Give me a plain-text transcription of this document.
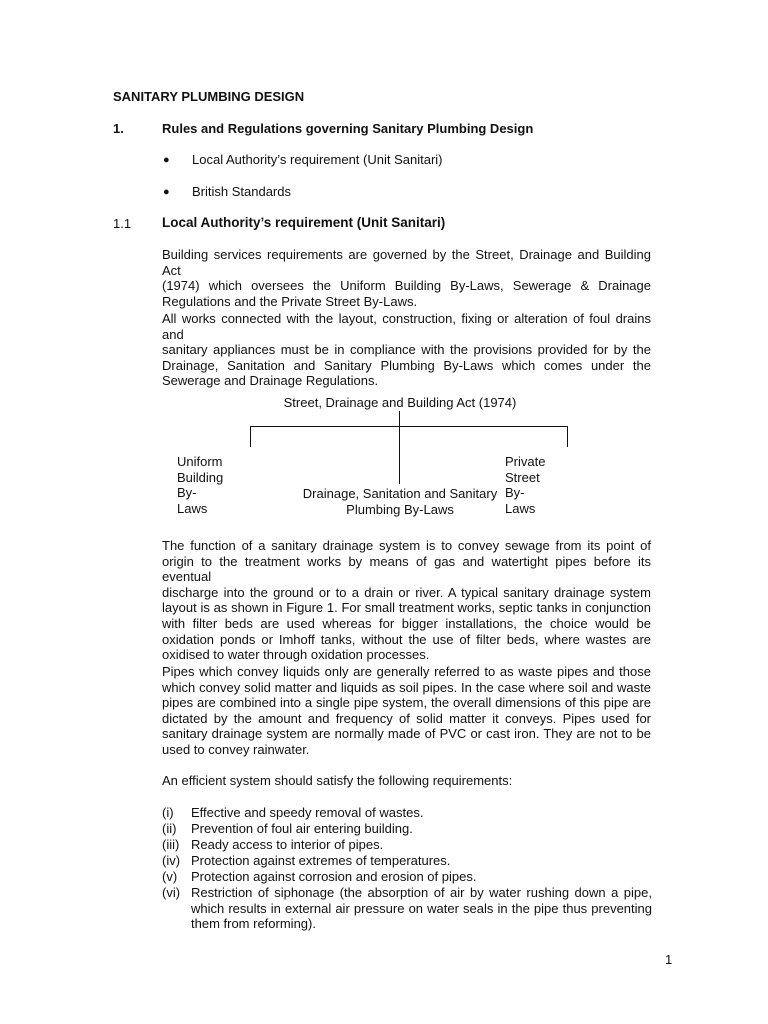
SANITARY PLUMBING DESIGN
1.	Rules and Regulations governing Sanitary Plumbing Design
● Local Authority’s requirement (Unit Sanitari)
● British Standards
1.1 Local Authority’s requirement (Unit Sanitari)
Building services requirements are governed by the Street, Drainage and Building Act
(1974) which oversees the Uniform Building By-Laws, Sewerage & Drainage
Regulations and the Private Street By-Laws.
All works connected with the layout, construction, fixing or alteration of foul drains and
sanitary appliances must be in compliance with the provisions provided for by the
Drainage, Sanitation and Sanitary Plumbing By-Laws which comes under the
Sewerage and Drainage Regulations.
Street, Drainage and Building Act (1974)
Uniform Building By-Laws
Private Street By-Laws
Drainage, Sanitation and Sanitary
Plumbing By-Laws
The function of a sanitary drainage system is to convey sewage from its point of
origin to the treatment works by means of gas and watertight pipes before its eventual
discharge into the ground or to a drain or river. A typical sanitary drainage system
layout is as shown in Figure 1. For small treatment works, septic tanks in conjunction
with filter beds are used whereas for bigger installations, the choice would be
oxidation ponds or Imhoff tanks, without the use of filter beds, where wastes are
oxidised to water through oxidation processes.
Pipes which convey liquids only are generally referred to as waste pipes and those
which convey solid matter and liquids as soil pipes. In the case where soil and waste
pipes are combined into a single pipe system, the overall dimensions of this pipe are
dictated by the amount and frequency of solid matter it conveys. Pipes used for
sanitary drainage system are normally made of PVC or cast iron. They are not to be
used to convey rainwater.
An efficient system should satisfy the following requirements:
(i) Effective and speedy removal of wastes.
(ii) Prevention of foul air entering building.
(iii) Ready access to interior of pipes.
(iv) Protection against extremes of temperatures.
(v) Protection against corrosion and erosion of pipes.
(vi) Restriction of siphonage (the absorption of air by water rushing down a pipe,
which results in external air pressure on water seals in the pipe thus preventing
them from reforming).
1
